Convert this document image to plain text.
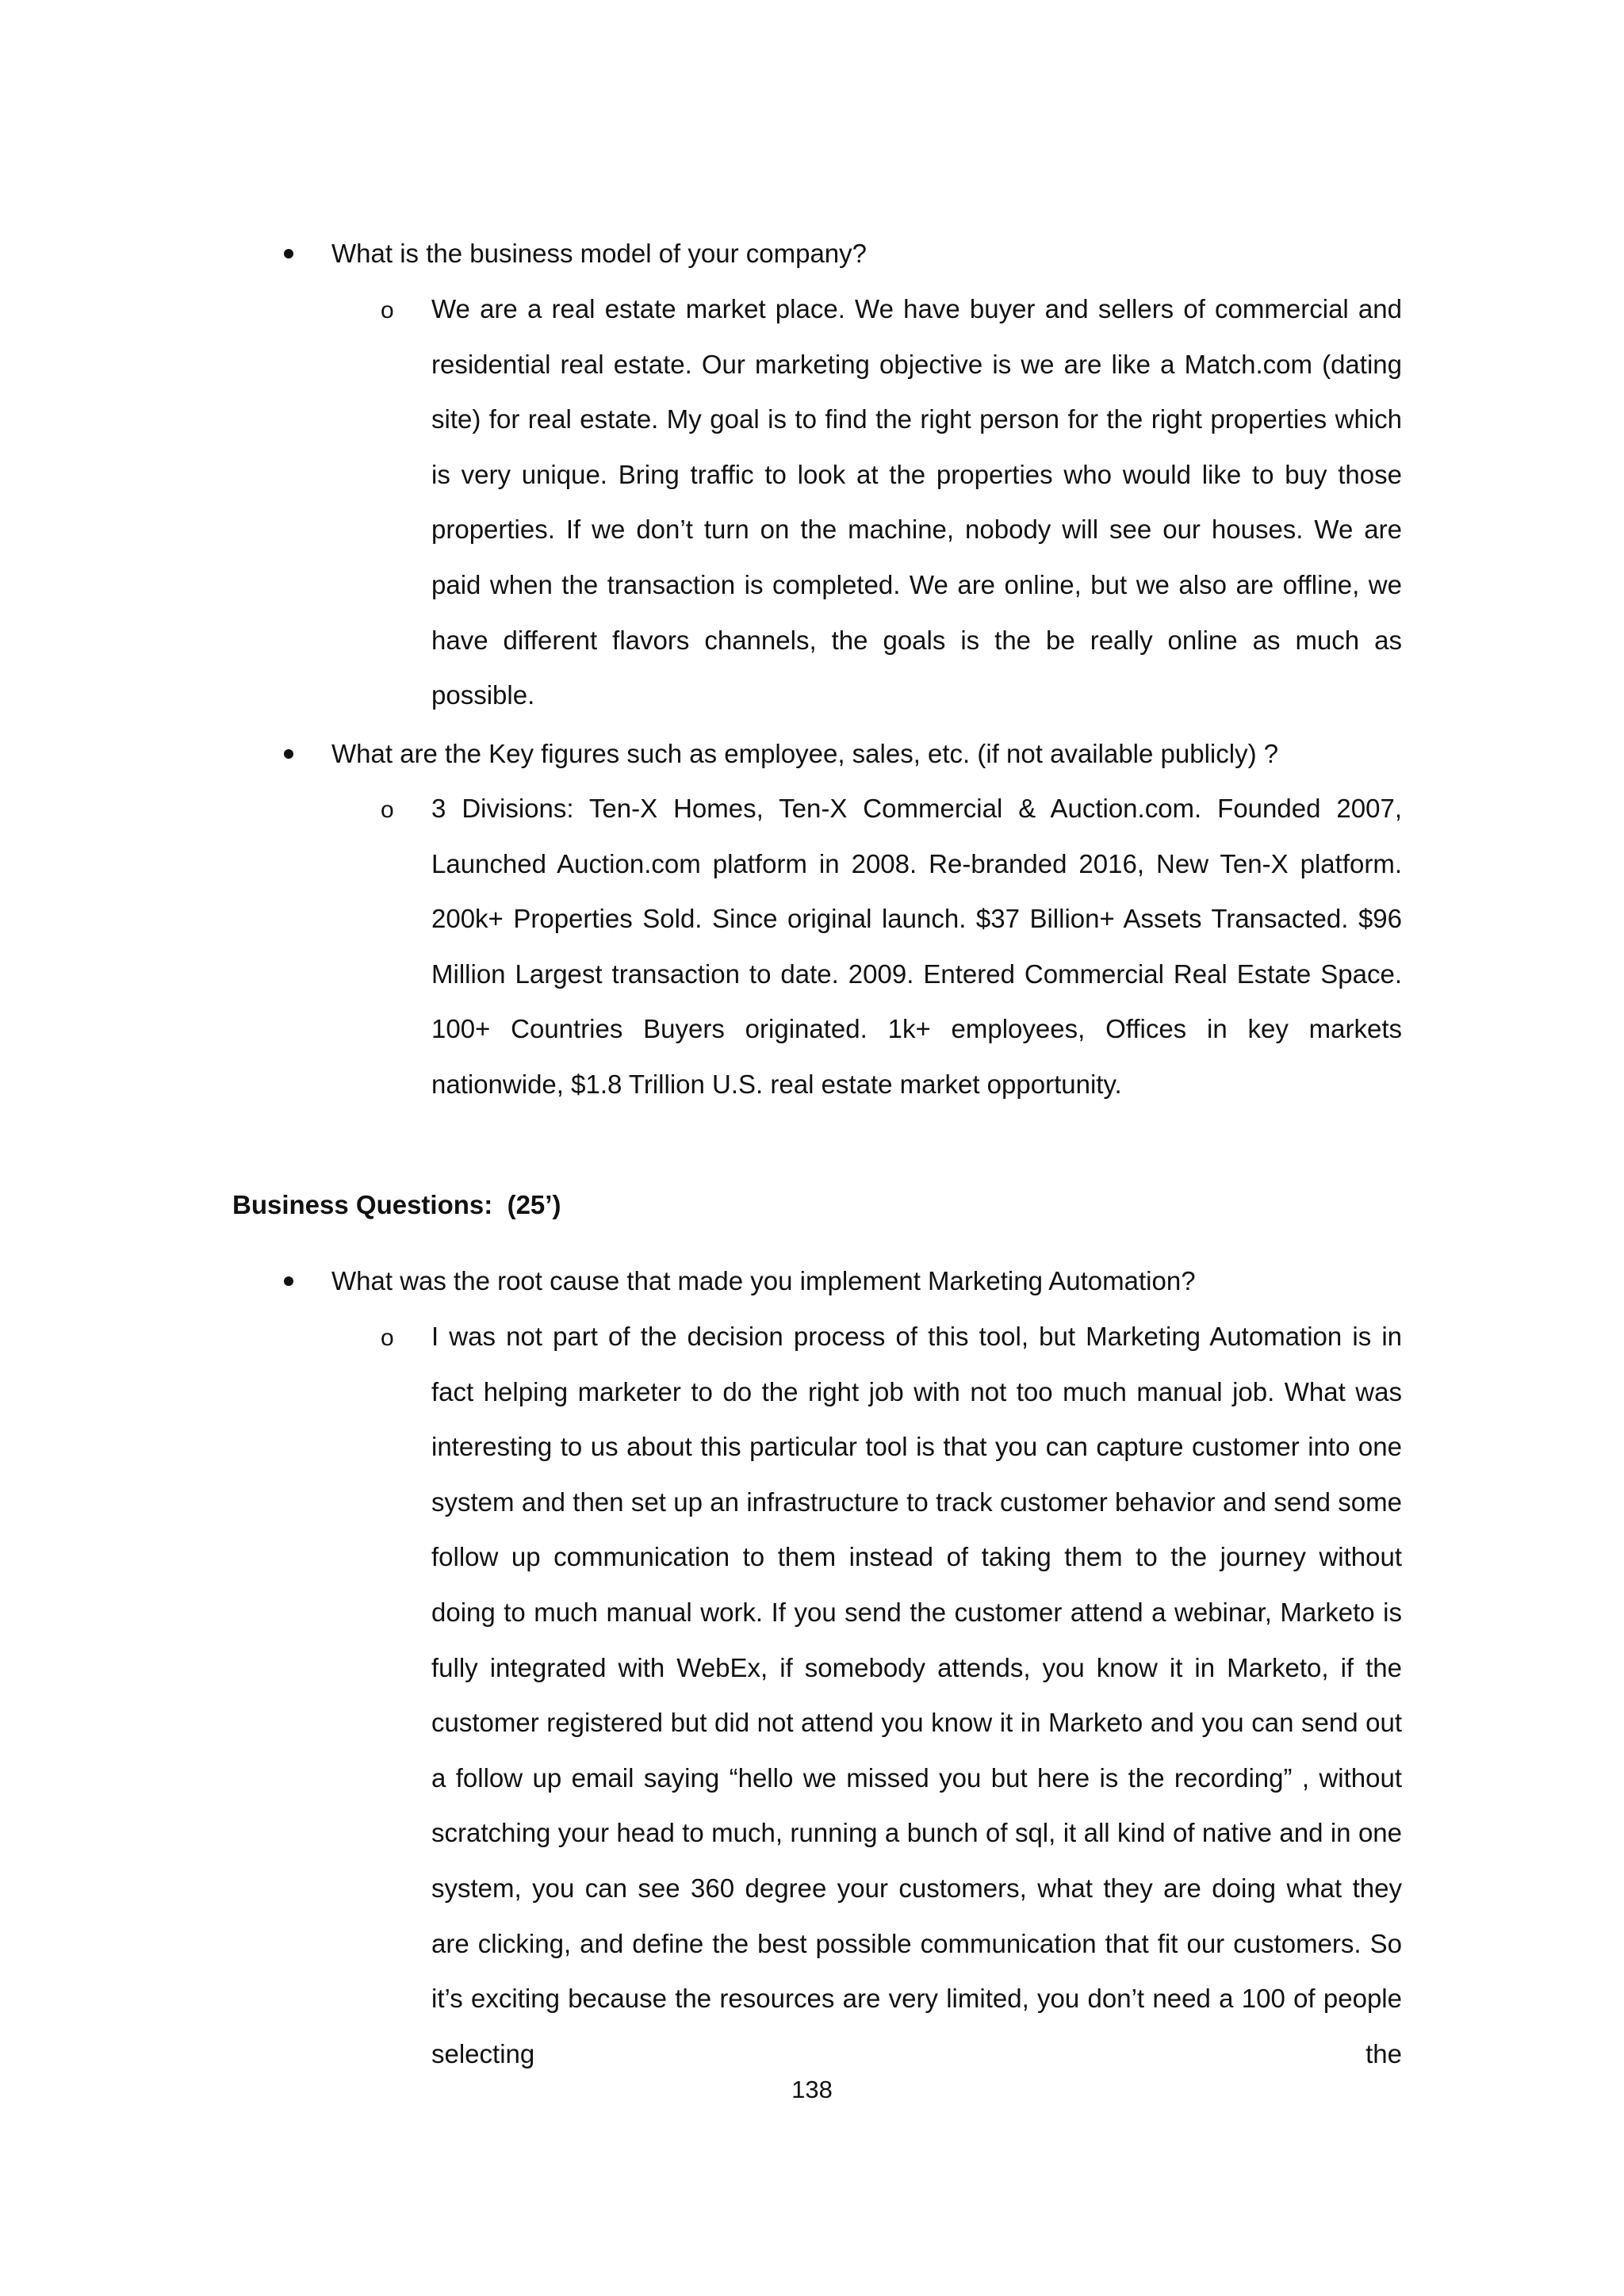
What is the business model of your company?
o We are a real estate market place. We have buyer and sellers of commercial and residential real estate. Our marketing objective is we are like a Match.com (dating site) for real estate. My goal is to find the right person for the right properties which is very unique. Bring traffic to look at the properties who would like to buy those properties. If we don’t turn on the machine, nobody will see our houses. We are paid when the transaction is completed. We are online, but we also are offline, we have different flavors channels, the goals is the be really online as much as possible.
What are the Key figures such as employee, sales, etc. (if not available publicly) ?
o 3 Divisions: Ten-X Homes, Ten-X Commercial & Auction.com. Founded 2007, Launched Auction.com platform in 2008. Re-branded 2016, New Ten-X platform. 200k+ Properties Sold. Since original launch. $37 Billion+ Assets Transacted. $96 Million Largest transaction to date. 2009. Entered Commercial Real Estate Space. 100+ Countries Buyers originated. 1k+ employees, Offices in key markets nationwide, $1.8 Trillion U.S. real estate market opportunity.
Business Questions:  (25’)
What was the root cause that made you implement Marketing Automation?
o I was not part of the decision process of this tool, but Marketing Automation is in fact helping marketer to do the right job with not too much manual job. What was interesting to us about this particular tool is that you can capture customer into one system and then set up an infrastructure to track customer behavior and send some follow up communication to them instead of taking them to the journey without doing to much manual work. If you send the customer attend a webinar, Marketo is fully integrated with WebEx, if somebody attends, you know it in Marketo, if the customer registered but did not attend you know it in Marketo and you can send out a follow up email saying “hello we missed you but here is the recording” , without scratching your head to much, running a bunch of sql, it all kind of native and in one system, you can see 360 degree your customers, what they are doing what they are clicking, and define the best possible communication that fit our customers. So it’s exciting because the resources are very limited, you don’t need a 100 of people selecting the
138
